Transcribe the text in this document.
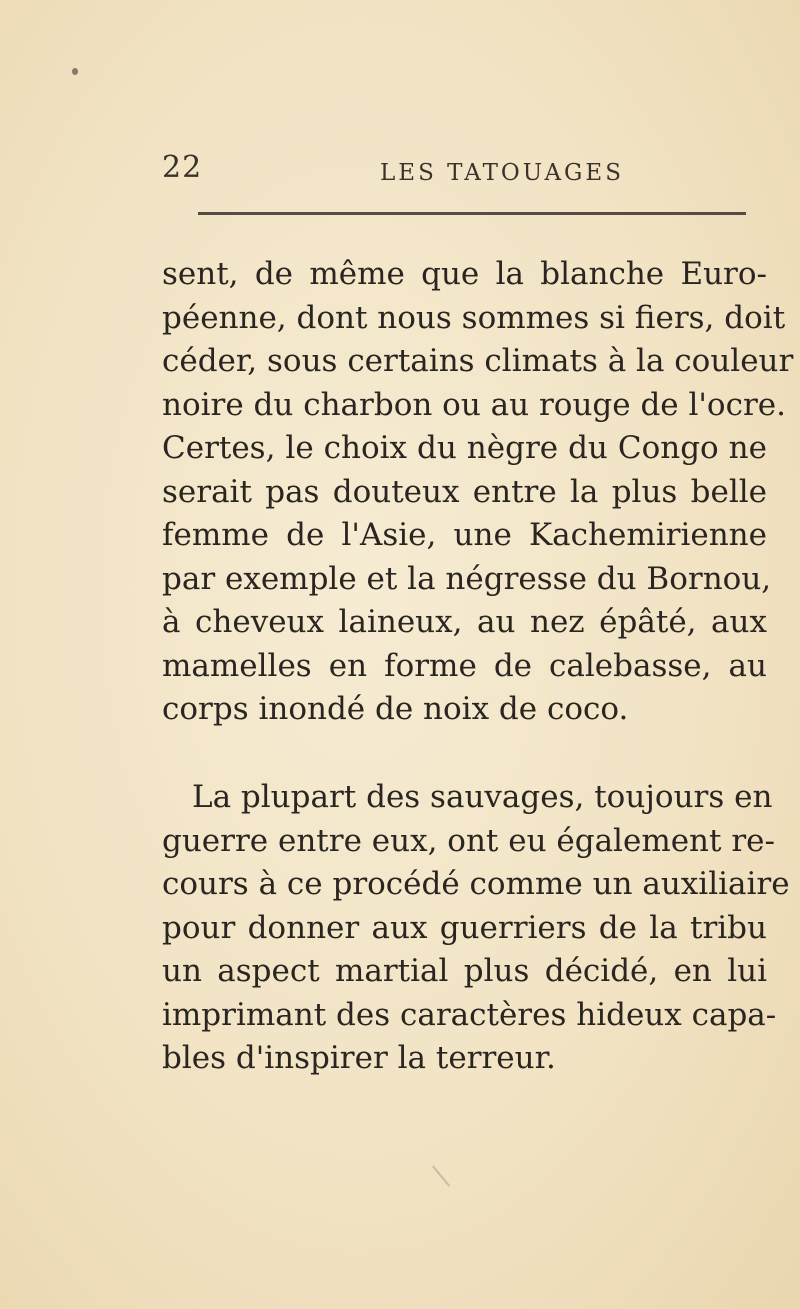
22	LES TATOUAGES
sent, de même que la blanche Euro-
péenne, dont nous sommes si fiers, doit
céder, sous certains climats à la couleur
noire du charbon ou au rouge de l'ocre.
Certes, le choix du nègre du Congo ne
serait pas douteux entre la plus belle
femme de l'Asie, une Kachemirienne
par exemple et la négresse du Bornou,
à cheveux laineux, au nez épâté, aux
mamelles en forme de calebasse, au
corps inondé de noix de coco.
La plupart des sauvages, toujours en
guerre entre eux, ont eu également re-
cours à ce procédé comme un auxiliaire
pour donner aux guerriers de la tribu
un aspect martial plus décidé, en lui
imprimant des caractères hideux capa-
bles d'inspirer la terreur.
